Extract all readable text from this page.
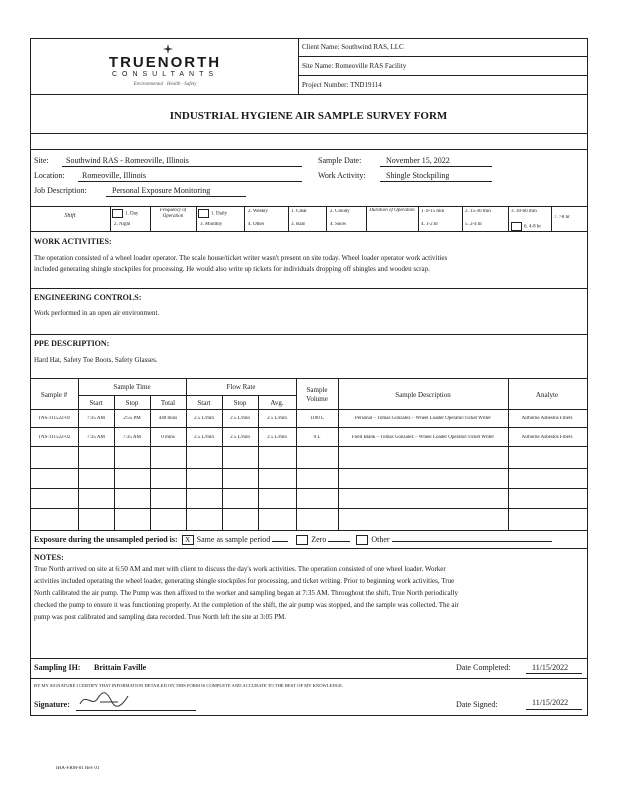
TRUENORTH
CONSULTANTS
Environmental · Health · Safety
Client Name: Southwind RAS, LLC
Site Name: Romeoville RAS Facility
Project Number: TND19114
INDUSTRIAL HYGIENE AIR SAMPLE SURVEY FORM
Site: Southwind RAS - Romeoville, Illinois	Sample Date:	November 15, 2022
Location: Romeoville, Illinois	Work Activity:	Shingle Stockpiling
Job Description:	Personal Exposure Monitoring
Shift	1. Day
2. Night
Frequency of Operation	1. Daily
3. Monthly
2. Weekly
4. Other
1. Clear
3. Rain
2. Cloudy
4. Snow
Duration of Operation 1. 0-15 min
4. 1-2 hr
2. 15-30 min
5. 2-4 hr
3. 30-60 min
6. 4-8 hr
7. >8 hr
WORK ACTIVITIES:
The operation consisted of a wheel loader operator. The scale house/ticket writer wasn't present on site today. Wheel loader operator work activities
included generating shingle stockpiles for processing. He would also write up tickets for individuals dropping off shingles and wooden scrap.
ENGINEERING CONTROLS:
Work performed in an open air environment.
PPE DESCRIPTION:
Hard Hat, Safety Toe Boots, Safety Glasses.
Sample #
Sample Time	Flow Rate	Sample Volume	Sample Description	Analyte
Start	Stop	Total	Start	Stop	Avg.
TNS-111522-01	7:35 AM	2:55 PM	440 mins	2.5 L/min	2.5 L/min	2.5 L/min	1100 L	Personal – Tomas Gonzalez – Wheel Loader Operator/Ticket Writer	Airborne Asbestos Fibers
TNS-111522-02	7:35 AM	7:35 AM	0 mins	2.5 L/min	2.5 L/min	2.5 L/min	0 L	Field Blank – Tomas Gonzalez – Wheel Loader Operator/Ticket Writer	Airborne Asbestos Fibers
Exposure during the unsampled period is: X Same as sample period	Zero	Other
NOTES:
True North arrived on site at 6:50 AM and met with client to discuss the day's work activities. The operation consisted of one wheel loader. Worker
activities included operating the wheel loader, generating shingle stockpiles for processing, and ticket writing. Prior to beginning work activities, True
North calibrated the air pump. The Pump was then affixed to the worker and sampling began at 7:35 AM. Throughout the shift, True North periodically
checked the pump to ensure it was functioning properly. At the completion of the shift, the air pump was stopped, and the sample was collected. The air
pump was post calibrated and sampling data recorded. True North left the site at 3:05 PM.
Sampling IH: Brittain Faville	Date Completed:	11/15/2022
BY MY SIGNATURE I CERTIFY THAT INFORMATION DETAILED ON THIS FORM IS COMPLETE AND ACCURATE TO THE BEST OF MY KNOWLEDGE.
Signature:	Date Signed:	11/15/2022
IHA-FRM-01 Rev 01
